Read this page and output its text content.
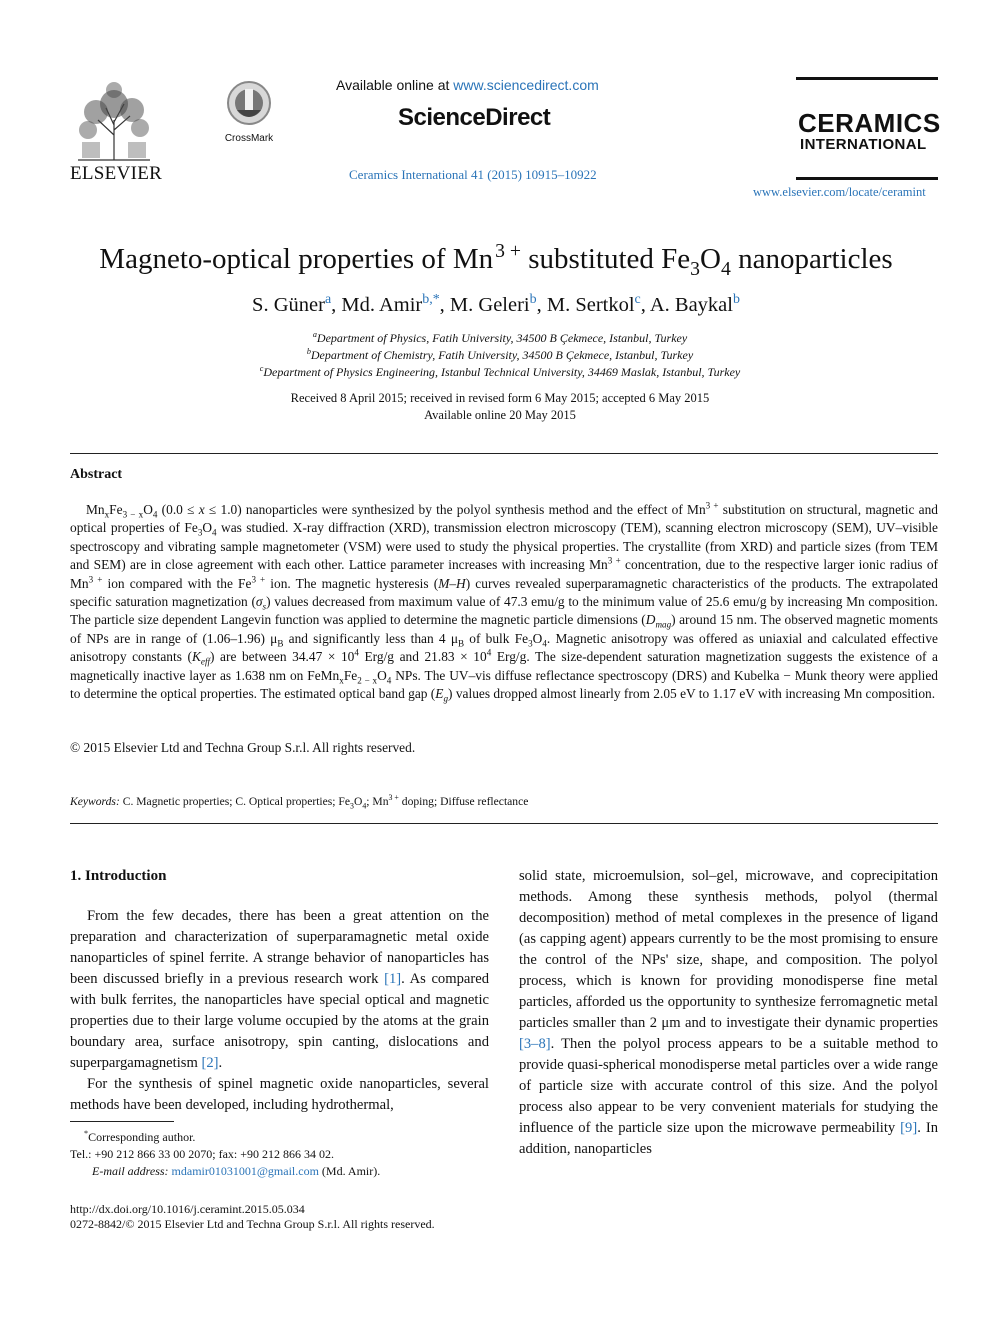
ELSEVIER
CrossMark
Available online at www.sciencedirect.com
ScienceDirect
Ceramics International 41 (2015) 10915–10922
CERAMICS
INTERNATIONAL
www.elsevier.com/locate/ceramint
Magneto-optical properties of Mn $^{3 +}$ substituted $Fe_3O_4$ nanoparticles
S. Güner$^a$, Md. Amir$^{b,*}$, M. Geleri$^b$, M. Sertkol$^c$, A. Baykal$^b$
$^a$Department of Physics, Fatih University, 34500 B Çekmece, Istanbul, Turkey
$^b$Department of Chemistry, Fatih University, 34500 B Çekmece, Istanbul, Turkey
$^c$Department of Physics Engineering, Istanbul Technical University, 34469 Maslak, Istanbul, Turkey
Received 8 April 2015; received in revised form 6 May 2015; accepted 6 May 2015
Available online 20 May 2015
Abstract
$Mn_xFe_{3 - x}O_4$ (0.0 ≤ x ≤ 1.0) nanoparticles were synthesized by the polyol synthesis method and the effect of $Mn^{3 +}$ substitution on structural, magnetic and optical properties of $Fe_3O_4$ was studied. X-ray diffraction (XRD), transmission electron microscopy (TEM), scanning electron microscopy (SEM), UV–visible spectroscopy and vibrating sample magnetometer (VSM) were used to study the physical properties. The crystallite (from XRD) and particle sizes (from TEM and SEM) are in close agreement with each other. Lattice parameter increases with increasing $Mn^{3 +}$ concentration, due to the respective larger ionic radius of $Mn^{3 +}$ ion compared with the $Fe^{3 +}$ ion. The magnetic hysteresis (M–H) curves revealed superparamagnetic characteristics of the products. The extrapolated specific saturation magnetization $(\sigma_s)$ values decreased from maximum value of 47.3 emu/g to the minimum value of 25.6 emu/g by increasing Mn composition. The particle size dependent Langevin function was applied to determine the magnetic particle dimensions $(D_{mag})$ around 15 nm. The observed magnetic moments of NPs are in range of (1.06–1.96) $\mu_B$ and significantly less than 4 $\mu_B$ of bulk $Fe_3O_4$. Magnetic anisotropy was offered as uniaxial and calculated effective anisotropy constants $(K_{eff})$ are between $34.47 \times 10^4$ Erg/g and $21.83 \times 10^4$ Erg/g. The size-dependent saturation magnetization suggests the existence of a magnetically inactive layer as 1.638 nm on $FeMn_xFe_{2 - x}O_4$ NPs. The UV–vis diffuse reflectance spectroscopy (DRS) and Kubelka − Munk theory were applied to determine the optical properties. The estimated optical band gap $(E_g)$ values dropped almost linearly from 2.05 eV to 1.17 eV with increasing Mn composition.
© 2015 Elsevier Ltd and Techna Group S.r.l. All rights reserved.
Keywords: C. Magnetic properties; C. Optical properties; $Fe_3O_4$; $Mn^{3 +}$ doping; Diffuse reflectance
1. Introduction

From the few decades, there has been a great attention on the preparation and characterization of superparamagnetic metal oxide nanoparticles of spinel ferrite. A strange behavior of nanoparticles has been discussed briefly in a previous research work [1]. As compared with bulk ferrites, the nanoparticles have special optical and magnetic properties due to their large volume occupied by the atoms at the grain boundary area, surface anisotropy, spin canting, dislocations and superpargamagnetism [2].

For the synthesis of spinel magnetic oxide nanoparticles, several methods have been developed, including hydrothermal,

solid state, microemulsion, sol–gel, microwave, and coprecipitation methods. Among these synthesis methods, polyol (thermal decomposition) method of metal complexes in the presence of ligand (as capping agent) appears currently to be the most promising to ensure the control of the NPs' size, shape, and composition. The polyol process, which is known for providing monodisperse fine metal particles, afforded us the opportunity to synthesize ferromagnetic metal particles smaller than 2 μm and to investigate their dynamic properties [3–8]. Then the polyol process appears to be a suitable method to provide quasi-spherical monodisperse metal particles over a wide range of particle size with accurate control of this size. And the polyol process also appear to be very convenient materials for studying the influence of the particle size upon the microwave permeability [9]. In addition, nanoparticles

*Corresponding author.
Tel.: +90 212 866 33 00 2070; fax: +90 212 866 34 02.
E-mail address: mdamir01031001@gmail.com (Md. Amir).
http://dx.doi.org/10.1016/j.ceramint.2015.05.034
0272-8842/© 2015 Elsevier Ltd and Techna Group S.r.l. All rights reserved.
